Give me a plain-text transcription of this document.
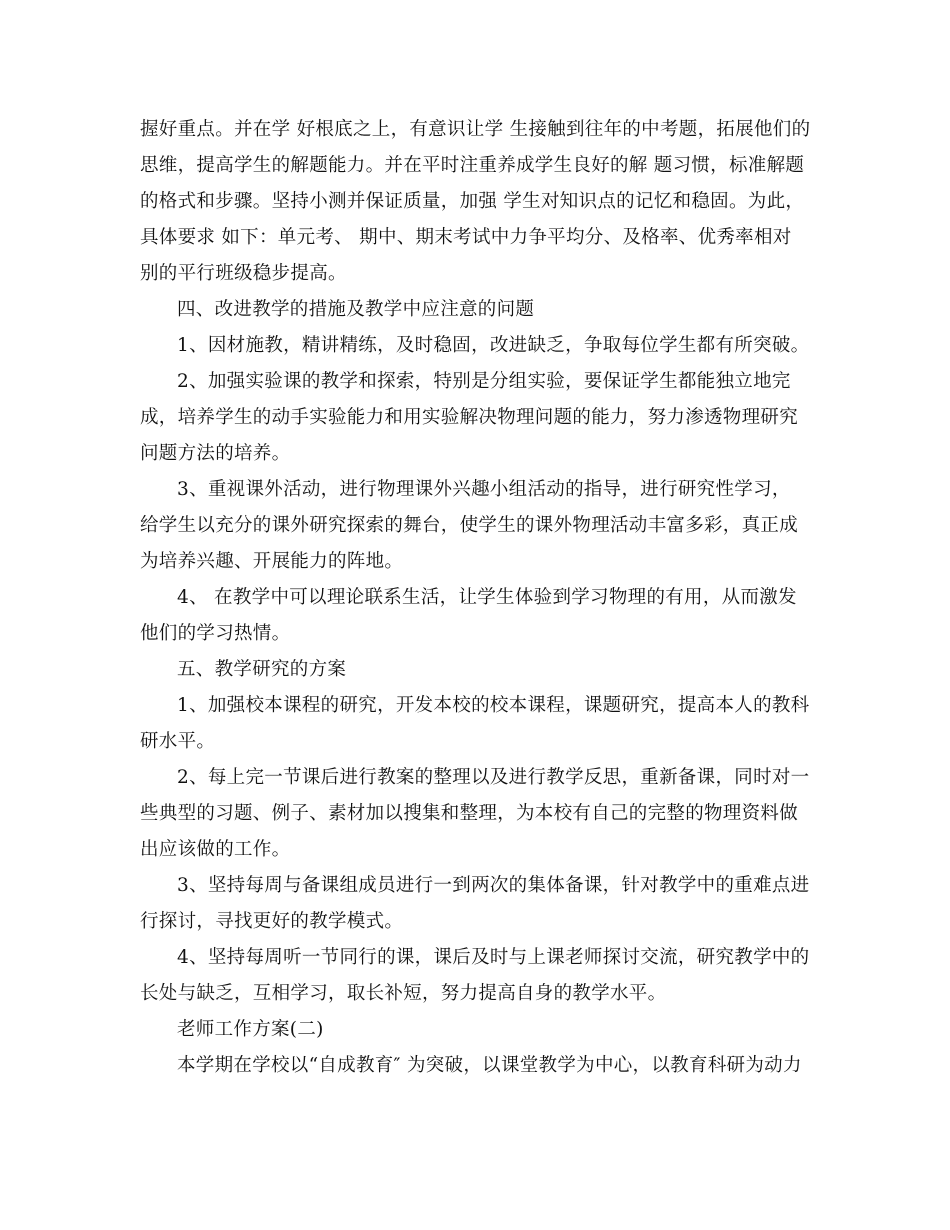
握好重点。并在学 好根底之上，有意识让学 生接触到往年的中考题，拓展他们的思维，提高学生的解题能力。并在平时注重养成学生良好的解 题习惯，标准解题的格式和步骤。坚持小测并保证质量，加强 学生对知识点的记忆和稳固。为此，具体要求 如下：单元考、 期中、期末考试中力争平均分、及格率、优秀率相对 别的平行班级稳步提高。

四、改进教学的措施及教学中应注意的问题

1、因材施教，精讲精练，及时稳固，改进缺乏，争取每位学生都有所突破。

2、加强实验课的教学和探索，特别是分组实验，要保证学生都能独立地完成，培养学生的动手实验能力和用实验解决物理问题的能力，努力渗透物理研究问题方法的培养。

3、重视课外活动，进行物理课外兴趣小组活动的指导，进行研究性学习， 给学生以充分的课外研究探索的舞台，使学生的课外物理活动丰富多彩，真正成为培养兴趣、开展能力的阵地。

4、 在教学中可以理论联系生活，让学生体验到学习物理的有用，从而激发他们的学习热情。

五、教学研究的方案

1、加强校本课程的研究，开发本校的校本课程，课题研究，提高本人的教科研水平。

2、每上完一节课后进行教案的整理以及进行教学反思，重新备课，同时对一些典型的习题、例子、素材加以搜集和整理，为本校有自己的完整的物理资料做出应该做的工作。

3、坚持每周与备课组成员进行一到两次的集体备课，针对教学中的重难点进行探讨，寻找更好的教学模式。

4、坚持每周听一节同行的课，课后及时与上课老师探讨交流，研究教学中的长处与缺乏，互相学习，取长补短，努力提高自身的教学水平。

老师工作方案(二)

本学期在学校以“自成教育″ 为突破，以课堂教学为中心，以教育科研为动力
